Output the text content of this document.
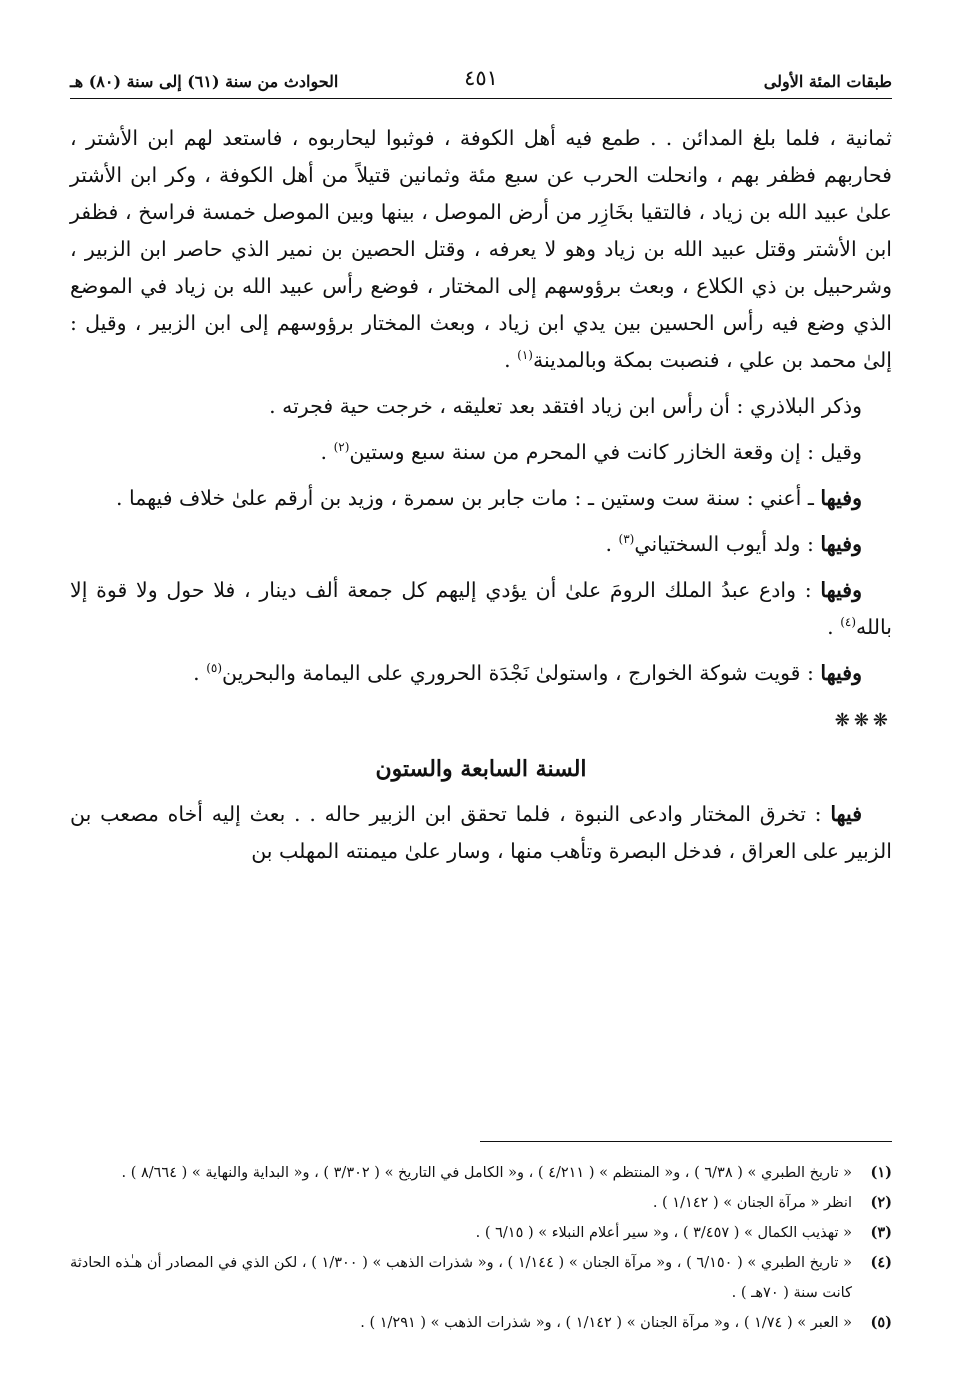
طبقات المئة الأولى
٤٥١
الحوادث من سنة (٦١) إلى سنة (٨٠) هـ

ثمانية ، فلما بلغ المدائن . . طمع فيه أهل الكوفة ، فوثبوا ليحاربوه ، فاستعد لهم ابن الأشتر ، فحاربهم فظفر بهم ، وانحلت الحرب عن سبع مئة وثمانين قتيلاً من أهل الكوفة ، وكر ابن الأشتر علىٰ عبيد الله بن زياد ، فالتقيا بخَازِر من أرض الموصل ، بينها وبين الموصل خمسة فراسخ ، فظفر ابن الأشتر وقتل عبيد الله بن زياد وهو لا يعرفه ، وقتل الحصين بن نمير الذي حاصر ابن الزبير ، وشرحبيل بن ذي الكلاع ، وبعث برؤوسهم إلى المختار ، فوضع رأس عبيد الله بن زياد في الموضع الذي وضع فيه رأس الحسين بين يدي ابن زياد ، وبعث المختار برؤوسهم إلى ابن الزبير ، وقيل : إلىٰ محمد بن علي ، فنصبت بمكة وبالمدينة$^{(١)}$ .

وذكر البلاذري : أن رأس ابن زياد افتقد بعد تعليقه ، خرجت حية فجرته .

وقيل : إن وقعة الخازر كانت في المحرم من سنة سبع وستين$^{(٢)}$ .

وفيها ـ أعني : سنة ست وستين ـ : مات جابر بن سمرة ، وزيد بن أرقم علىٰ خلاف فيهما .

وفيها : ولد أيوب السختياني$^{(٣)}$ .

وفيها : وادع عبدُ الملك الرومَ علىٰ أن يؤدي إليهم كل جمعة ألف دينار ، فلا حول ولا قوة إلا بالله$^{(٤)}$ .

وفيها : قويت شوكة الخوارج ، واستولىٰ نَجْدَة الحروري على اليمامة والبحرين$^{(٥)}$ .

❋❋❋

السنة السابعة والستون

فيها : تخرق المختار وادعى النبوة ، فلما تحقق ابن الزبير حاله . . بعث إليه أخاه مصعب بن الزبير على العراق ، فدخل البصرة وتأهب منها ، وسار علىٰ ميمنته المهلب بن

(١)
« تاريخ الطبري » ( ٦/٣٨ ) ، و« المنتظم » ( ٤/٢١١ ) ، و« الكامل في التاريخ » ( ٣/٣٠٢ ) ، و« البداية والنهاية » ( ٨/٦٦٤ ) .
(٢)
انظر « مرآة الجنان » ( ١/١٤٢ ) .
(٣)
« تهذيب الكمال » ( ٣/٤٥٧ ) ، و« سير أعلام النبلاء » ( ٦/١٥ ) .
(٤)
« تاريخ الطبري » ( ٦/١٥٠ ) ، و« مرآة الجنان » ( ١/١٤٤ ) ، و« شذرات الذهب » ( ١/٣٠٠ ) ، لكن الذي في المصادر أن هـٰذه الحادثة كانت سنة ( ٧٠هـ ) .
(٥)
« العبر » ( ١/٧٤ ) ، و« مرآة الجنان » ( ١/١٤٢ ) ، و« شذرات الذهب » ( ١/٢٩١ ) .
